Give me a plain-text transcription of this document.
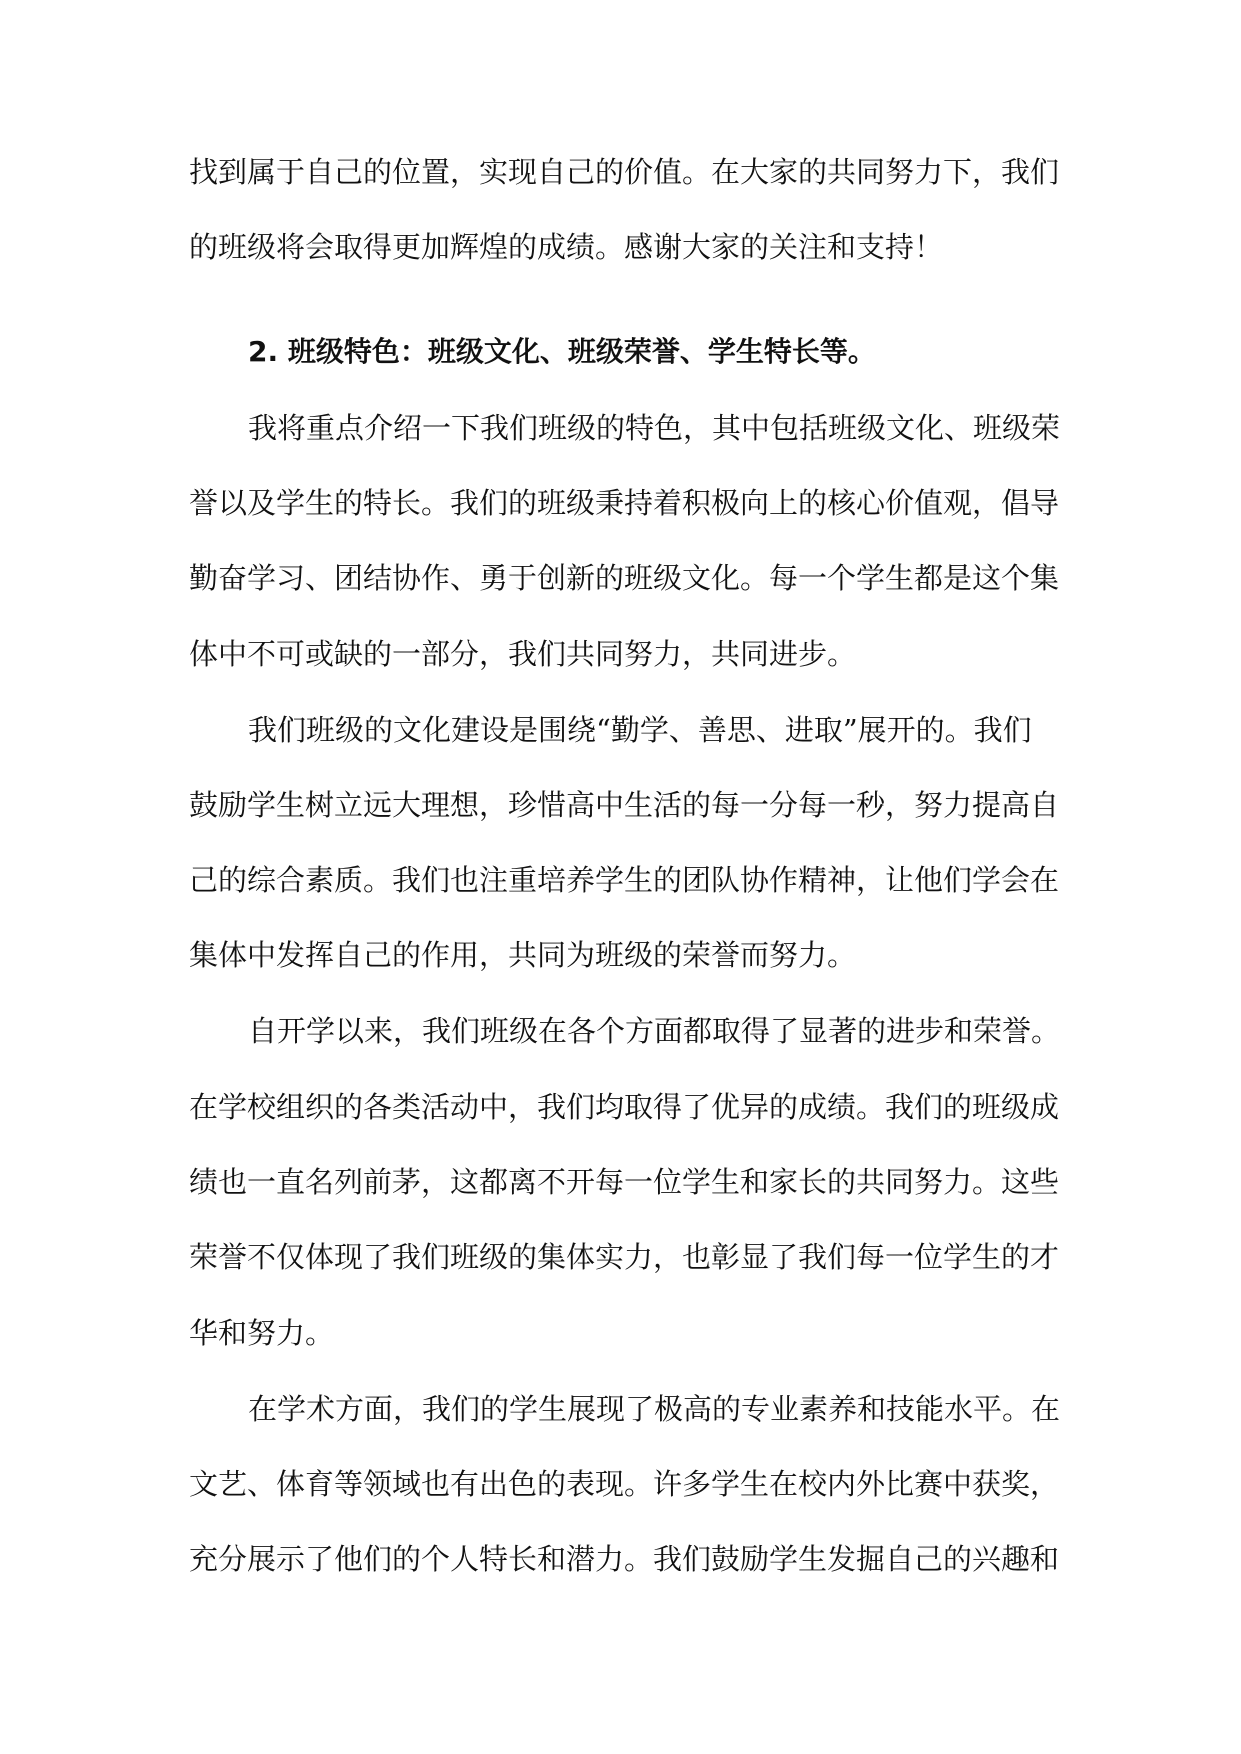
找到属于自己的位置，实现自己的价值。在大家的共同努力下，我们
的班级将会取得更加辉煌的成绩。感谢大家的关注和支持！
2. 班级特色：班级文化、班级荣誉、学生特长等。
我将重点介绍一下我们班级的特色，其中包括班级文化、班级荣
誉以及学生的特长。我们的班级秉持着积极向上的核心价值观，倡导
勤奋学习、团结协作、勇于创新的班级文化。每一个学生都是这个集
体中不可或缺的一部分，我们共同努力，共同进步。
我们班级的文化建设是围绕“勤学、善思、进取”展开的。我们
鼓励学生树立远大理想，珍惜高中生活的每一分每一秒，努力提高自
己的综合素质。我们也注重培养学生的团队协作精神，让他们学会在
集体中发挥自己的作用，共同为班级的荣誉而努力。
自开学以来，我们班级在各个方面都取得了显著的进步和荣誉。
在学校组织的各类活动中，我们均取得了优异的成绩。我们的班级成
绩也一直名列前茅，这都离不开每一位学生和家长的共同努力。这些
荣誉不仅体现了我们班级的集体实力，也彰显了我们每一位学生的才
华和努力。
在学术方面，我们的学生展现了极高的专业素养和技能水平。在
文艺、体育等领域也有出色的表现。许多学生在校内外比赛中获奖，
充分展示了他们的个人特长和潜力。我们鼓励学生发掘自己的兴趣和
